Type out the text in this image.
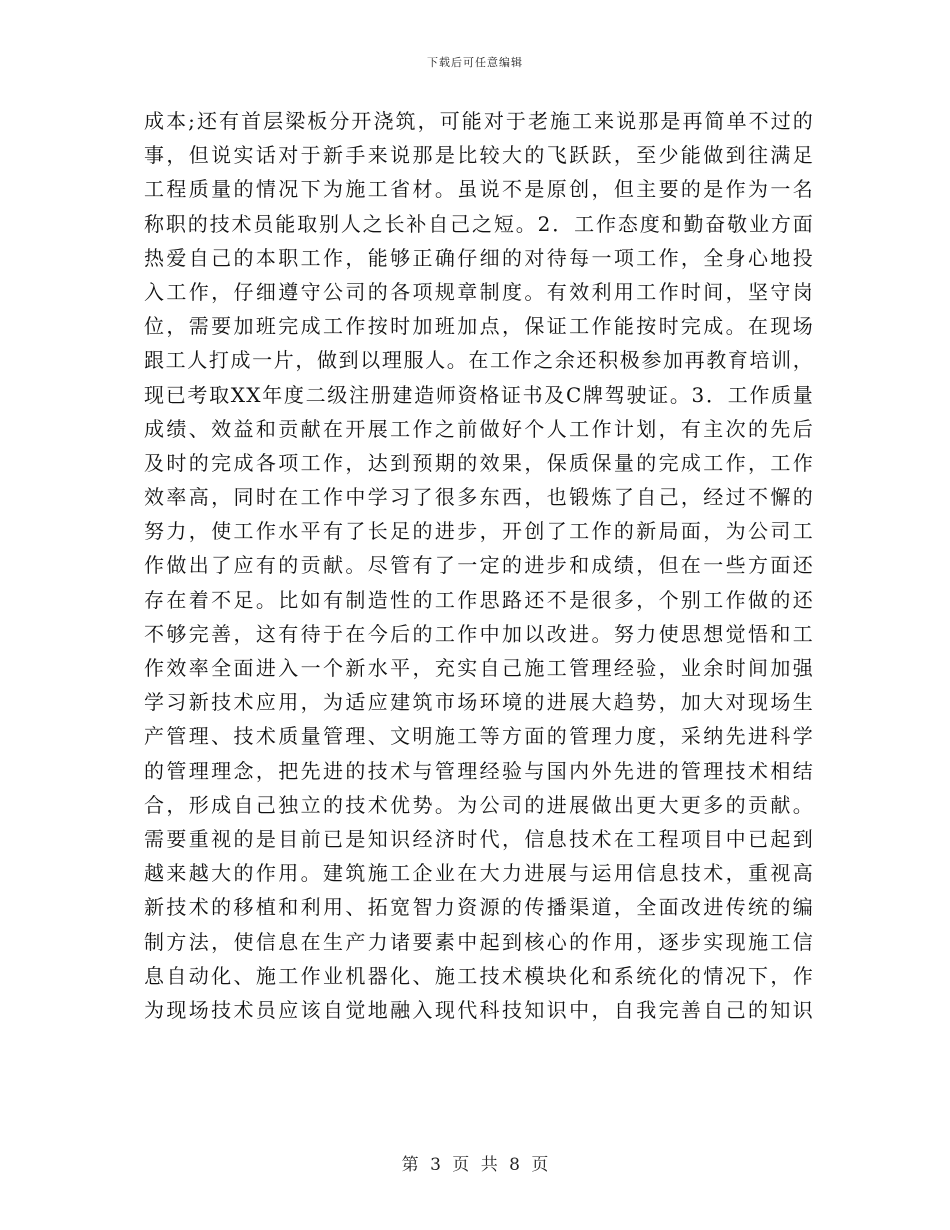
下载后可任意编辑
成本;还有首层梁板分开浇筑，可能对于老施工来说那是再简单不过的
事，但说实话对于新手来说那是比较大的飞跃跃，至少能做到往满足
工程质量的情况下为施工省材。虽说不是原创，但主要的是作为一名
称职的技术员能取别人之长补自己之短。2．工作态度和勤奋敬业方面
热爱自己的本职工作，能够正确仔细的对待每一项工作，全身心地投
入工作，仔细遵守公司的各项规章制度。有效利用工作时间，坚守岗
位，需要加班完成工作按时加班加点，保证工作能按时完成。在现场
跟工人打成一片，做到以理服人。在工作之余还积极参加再教育培训，
现已考取XX年度二级注册建造师资格证书及C牌驾驶证。3．工作质量
成绩、效益和贡献在开展工作之前做好个人工作计划，有主次的先后
及时的完成各项工作，达到预期的效果，保质保量的完成工作，工作
效率高，同时在工作中学习了很多东西，也锻炼了自己，经过不懈的
努力，使工作水平有了长足的进步，开创了工作的新局面，为公司工
作做出了应有的贡献。尽管有了一定的进步和成绩，但在一些方面还
存在着不足。比如有制造性的工作思路还不是很多，个别工作做的还
不够完善，这有待于在今后的工作中加以改进。努力使思想觉悟和工
作效率全面进入一个新水平，充实自己施工管理经验，业余时间加强
学习新技术应用，为适应建筑市场环境的进展大趋势，加大对现场生
产管理、技术质量管理、文明施工等方面的管理力度，采纳先进科学
的管理理念，把先进的技术与管理经验与国内外先进的管理技术相结
合，形成自己独立的技术优势。为公司的进展做出更大更多的贡献。
需要重视的是目前已是知识经济时代，信息技术在工程项目中已起到
越来越大的作用。建筑施工企业在大力进展与运用信息技术，重视高
新技术的移植和利用、拓宽智力资源的传播渠道，全面改进传统的编
制方法，使信息在生产力诸要素中起到核心的作用，逐步实现施工信
息自动化、施工作业机器化、施工技术模块化和系统化的情况下，作
为现场技术员应该自觉地融入现代科技知识中，自我完善自己的知识
第 3 页 共 8 页
